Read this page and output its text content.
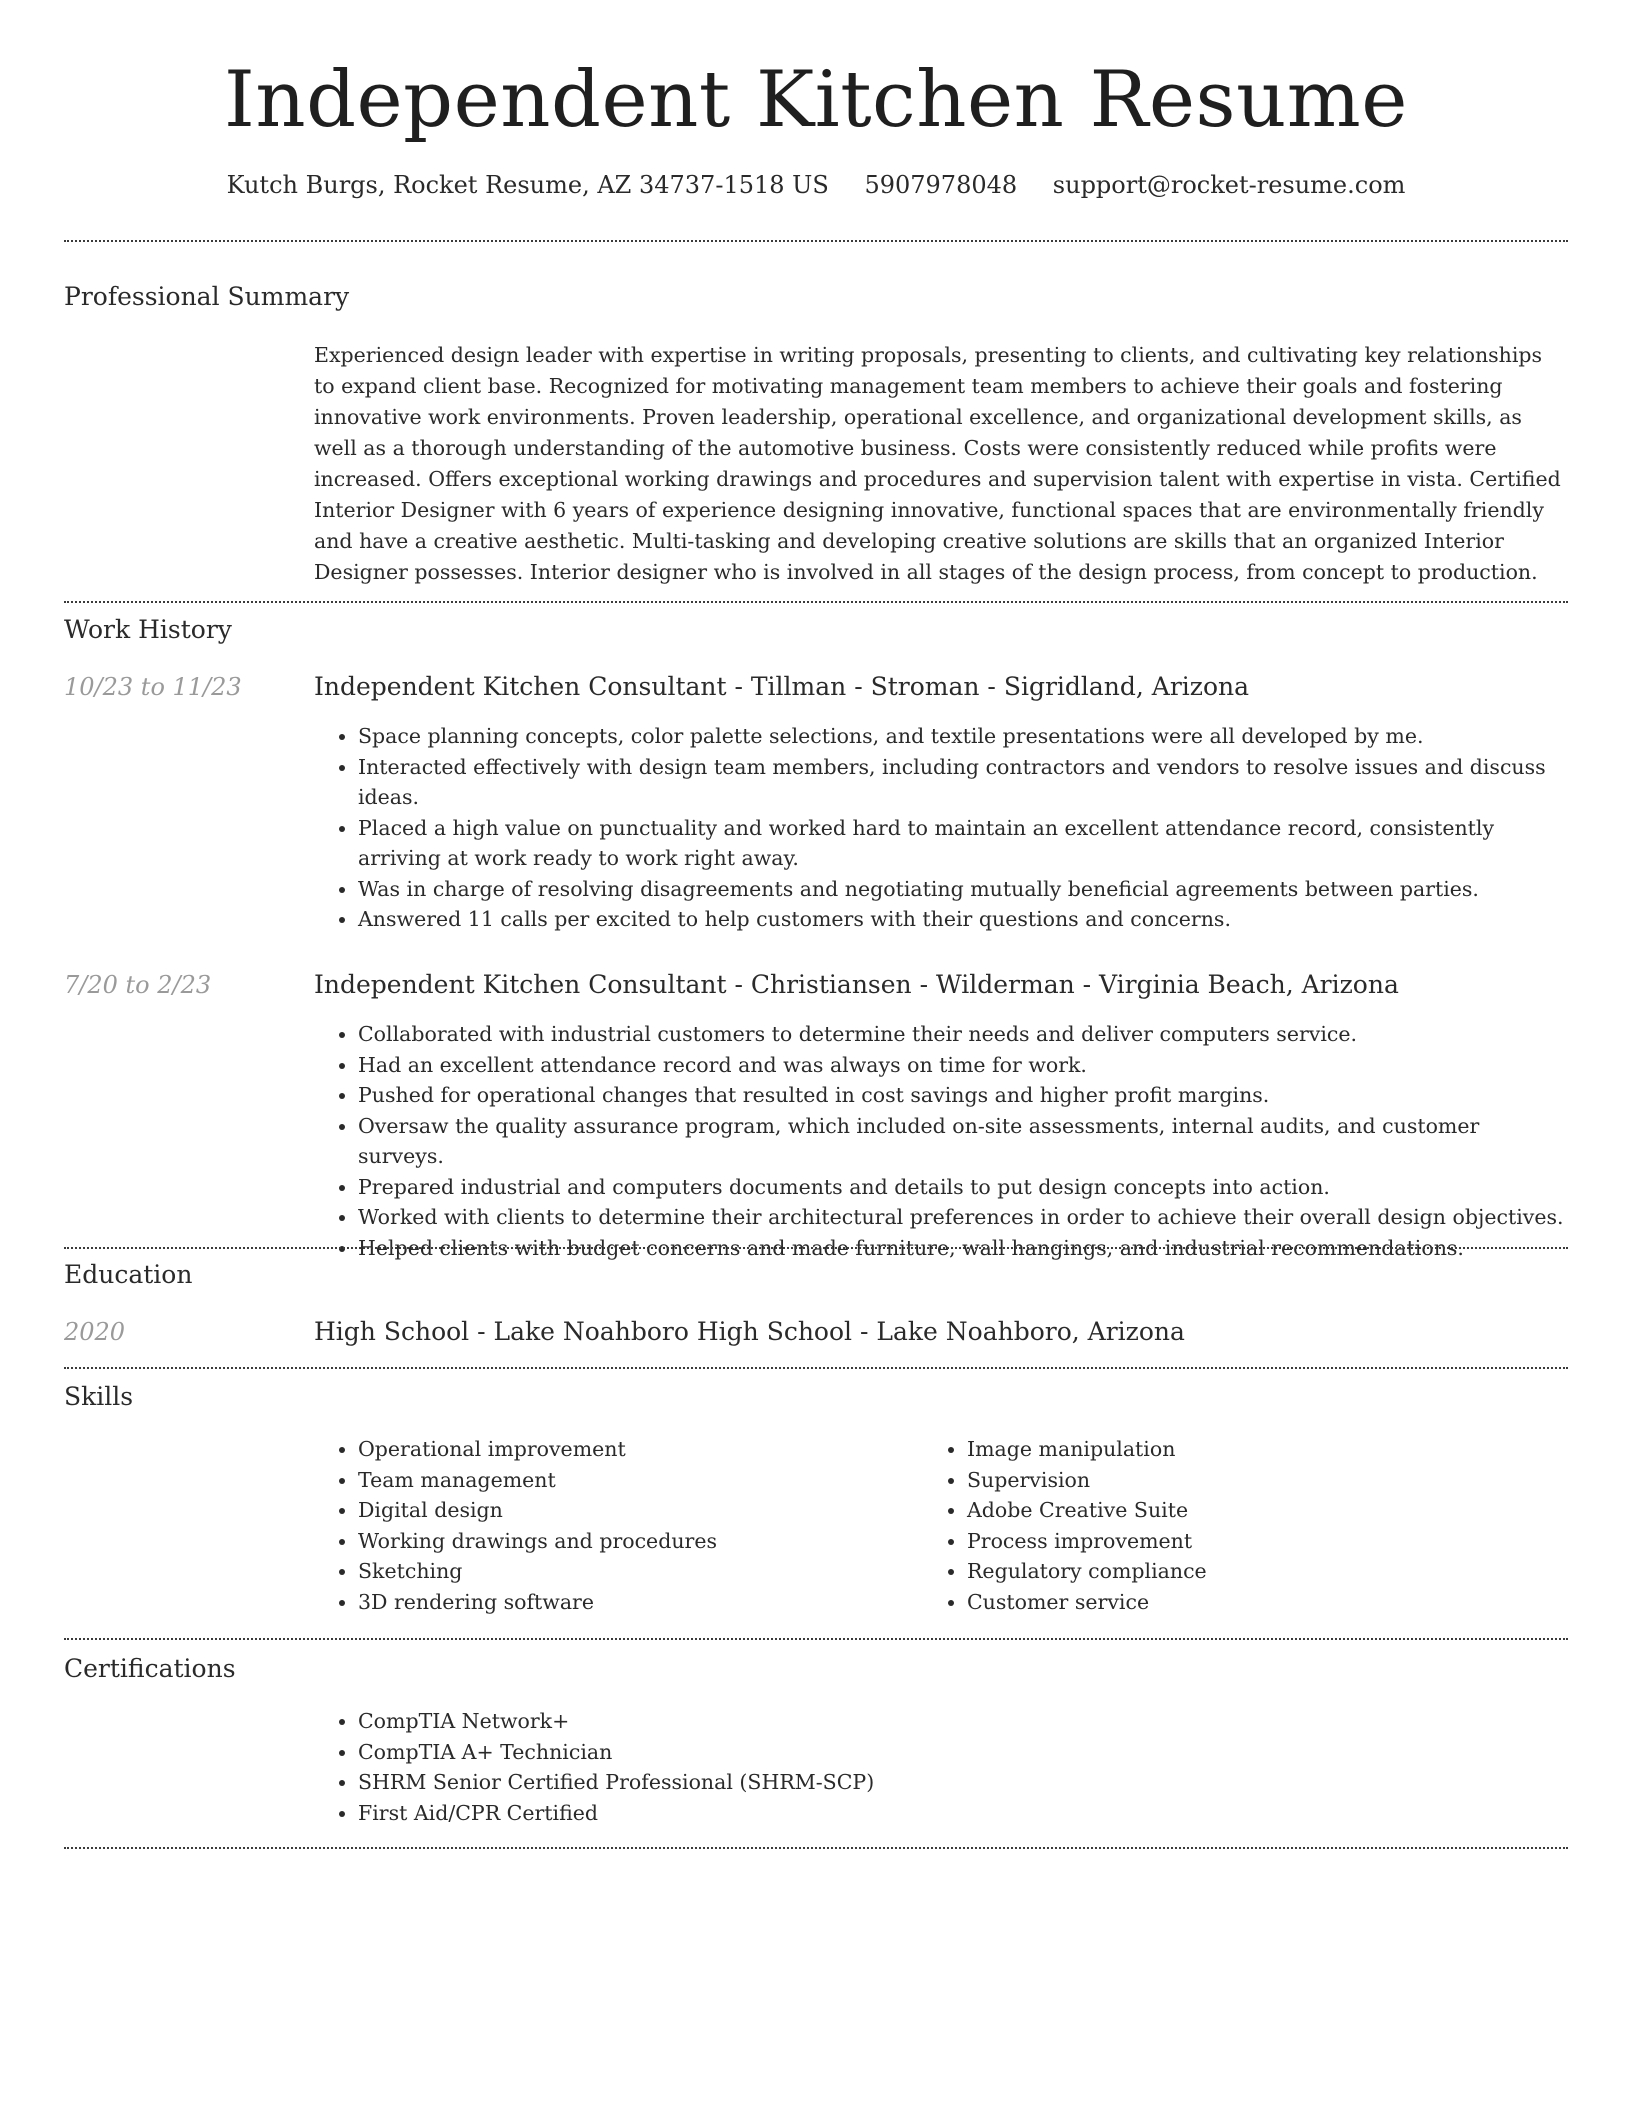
Independent Kitchen Resume
Kutch Burgs, Rocket Resume, AZ 34737-1518 US 5907978048 support@rocket-resume.com
Professional Summary
Experienced design leader with expertise in writing proposals, presenting to clients, and cultivating key relationships to expand client base. Recognized for motivating management team members to achieve their goals and fostering innovative work environments. Proven leadership, operational excellence, and organizational development skills, as well as a thorough understanding of the automotive business. Costs were consistently reduced while profits were increased. Offers exceptional working drawings and procedures and supervision talent with expertise in vista. Certified Interior Designer with 6 years of experience designing innovative, functional spaces that are environmentally friendly and have a creative aesthetic. Multi-tasking and developing creative solutions are skills that an organized Interior Designer possesses. Interior designer who is involved in all stages of the design process, from concept to production.
Work History
10/23 to 11/23	Independent Kitchen Consultant - Tillman - Stroman - Sigridland, Arizona
• Space planning concepts, color palette selections, and textile presentations were all developed by me.
• Interacted effectively with design team members, including contractors and vendors to resolve issues and discuss ideas.
• Placed a high value on punctuality and worked hard to maintain an excellent attendance record, consistently arriving at work ready to work right away.
• Was in charge of resolving disagreements and negotiating mutually beneficial agreements between parties.
• Answered 11 calls per excited to help customers with their questions and concerns.
7/20 to 2/23	Independent Kitchen Consultant - Christiansen - Wilderman - Virginia Beach, Arizona
• Collaborated with industrial customers to determine their needs and deliver computers service.
• Had an excellent attendance record and was always on time for work.
• Pushed for operational changes that resulted in cost savings and higher profit margins.
• Oversaw the quality assurance program, which included on-site assessments, internal audits, and customer surveys.
• Prepared industrial and computers documents and details to put design concepts into action.
• Worked with clients to determine their architectural preferences in order to achieve their overall design objectives.
• Helped clients with budget concerns and made furniture, wall hangings, and industrial recommendations.
Education
2020	High School - Lake Noahboro High School - Lake Noahboro, Arizona
Skills
• Operational improvement
• Team management
• Digital design
• Working drawings and procedures
• Sketching
• 3D rendering software
• Image manipulation
• Supervision
• Adobe Creative Suite
• Process improvement
• Regulatory compliance
• Customer service
Certifications
• CompTIA Network+
• CompTIA A+ Technician
• SHRM Senior Certified Professional (SHRM-SCP)
• First Aid/CPR Certified
